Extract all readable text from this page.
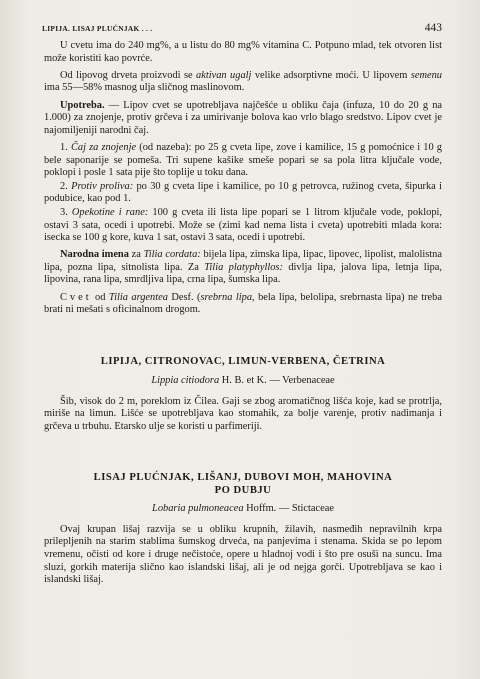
LIPIJA. LISAJ PLUĆNJAK . . .	443

U cvetu ima do 240 mg%, a u listu do 80 mg% vitamina C. Potpuno mlad, tek otvoren list može koristiti kao povrće.

Od lipovog drveta proizvodi se aktivan ugalj velike adsorptivne moći. U lipovem semenu ima 55—58% masnog ulja sličnog maslinovom.

Upotreba. — Lipov cvet se upotrebljava najčešće u obliku čaja (infuza, 10 do 20 g na 1.000) za znojenje, protiv grčeva i za umirivanje bolova kao vrlo blago sredstvo. Lipov cvet je najomiljeniji narodni čaj.

1. Čaj za znojenje (od nazeba): po 25 g cveta lipe, zove i kamilice, 15 g pomoćnice i 10 g bele saponarije se pomeša. Tri supene kašike smeše popari se sa pola litra ključale vode, poklopi i posle 1 sata pije što toplije u toku dana.

2. Protiv proliva: po 30 g cveta lipe i kamilice, po 10 g petrovca, ružinog cveta, šipurka i podubice, kao pod 1.

3. Opekotine i rane: 100 g cveta ili lista lipe popari se 1 litrom ključale vode, poklopi, ostavi 3 sata, ocedi i upotrebi. Može se (zimi kad nema lista i cveta) upotrebiti mlada kora: isecka se 100 g kore, kuva 1 sat, ostavi 3 sata, ocedi i upotrebi.

Narodna imena za Tilia cordata: bijela lipa, zimska lipa, lipac, lipovec, lipolist, malolistna lipa, pozna lipa, sitnolista lipa. Za Tilia platyphyllos: divlja lipa, jalova lipa, letnja lipa, lipovina, rana lipa, smrdljiva lipa, crna lipa, šumska lipa.

Cvet od Tilia argentea Desf. (srebrna lipa, bela lipa, belolipa, srebrnasta lipa) ne treba brati ni mešati s oficinalnom drogom.

LIPIJA, CITRONOVAC, LIMUN-VERBENA, ČETRINA
Lippia citiodora H. B. et K. — Verbenaceae

Šib, visok do 2 m, poreklom iz Čilea. Gaji se zbog aromatičnog lišća koje, kad se protrlja, miriše na limun. Lišće se upotrebljava kao stomahik, za bolje varenje, protiv nadimanja i grčeva u trbuhu. Etarsko ulje se koristi u parfimeriji.

LISAJ PLUĆNJAK, LIŠANJ, DUBOVI MOH, MAHOVINA
PO DUBJU
Lobaria pulmoneacea Hoffm. — Stictaceae

Ovaj krupan lišaj razvija se u obliku krupnih, žilavih, nasmeđih nepravilnih krpa prilepljenih na starim stablima šumskog drveća, na panjevima i stenama. Skida se po lepom vremenu, očisti od kore i druge nečistoće, opere u hladnoj vodi i što pre osuši na suncu. Ima sluzi, gorkih materija slično kao islandski lišaj, ali je od nejga gorči. Upotrebljava se kao i islandski lišaj.
